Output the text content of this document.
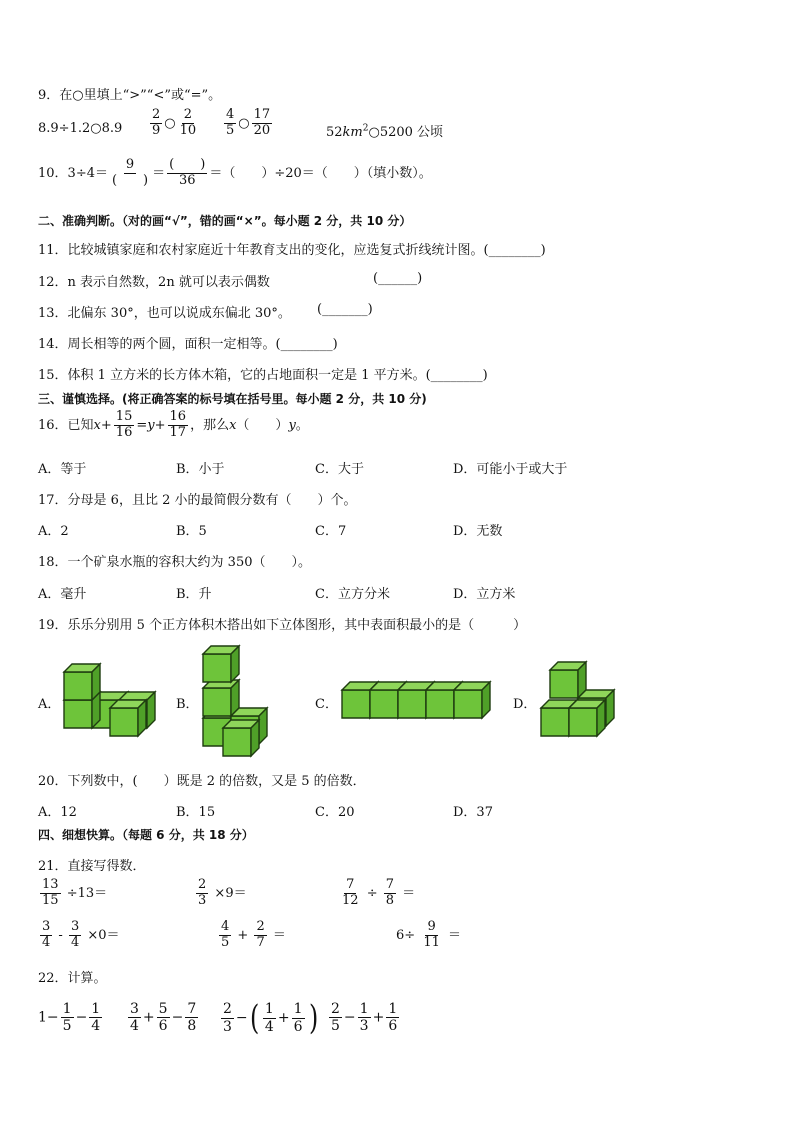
9．在○里填上“>”“<”或“=”。
8.9÷1.2○8.9 $\frac{2}{9}$ ○ $\frac{2}{10} \frac{4}{5}$ ○ $\frac{17}{20}$	$52km^2○5200$ 公顷
10．$3\div 4= \frac{9}{( )} = \frac{( )}{36}$ ＝（　　）÷20＝（　　）（填小数）。
二、准确判断。（对的画“√”，错的画“×”。每小题 2 分，共 10 分）
11．比较城镇家庭和农村家庭近十年教育支出的变化，应选复式折线统计图。(________)
12．n 表示自然数，2n 就可以表示偶数	(______)
13．北偏东 30°，也可以说成东偏北 30°。 (_______)
14．周长相等的两个圆，面积一定相等。(________)
15．体积 1 立方米的长方体木箱，它的占地面积一定是 1 平方米。(________)
三、谨慎选择。(将正确答案的标号填在括号里。每小题 2 分，共 10 分)
16．已知$x+ \frac{15}{16} =y+ \frac{16}{17}$ ，那么x（　　）y。
A．等于	B．小于	C．大于	D．可能小于或大于
17．分母是 6，且比 2 小的最简假分数有（　　）个。
A．2	B．5	C．7	D．无数
18．一个矿泉水瓶的容积大约为 350（　　）。
A．毫升	B．升	C．立方分米	D．立方米
19．乐乐分别用 5 个正方体积木搭出如下立体图形，其中表面积最小的是（　　　）
A．	B．	C．	D．
20．下列数中，(　　）既是 2 的倍数，又是 5 的倍数．
A．12	B．15	C．20	D．37
四、细想快算。（每题 6 分，共 18 分）
21．直接写得数．
$\frac{13}{15} \div 13=$	$\frac{2}{3} \times 9=$	$\frac{7}{12} \div \frac{7}{8}$ ＝
$\frac{3}{4} - \frac{3}{4} \times 0=$	$\frac{4}{5} + \frac{2}{7}$ ＝	$6\div \frac{9}{11}$ ＝
22．计算。
$1- \frac{1}{5} - \frac{1}{4} \frac{3}{4} + \frac{5}{6} - \frac{7}{8} \frac{2}{3}$ −( $\frac{1}{4} + \frac{1}{6}$ ) $\frac{2}{5} - \frac{1}{3} + \frac{1}{6}$
